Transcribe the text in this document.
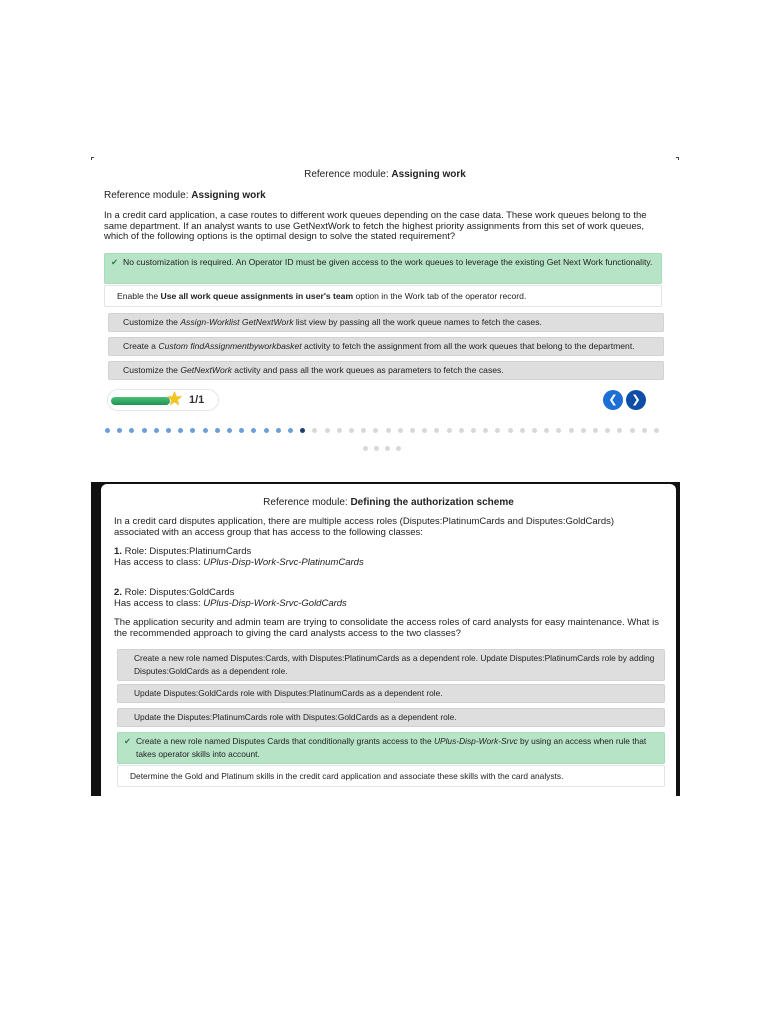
Reference module: Assigning work
Reference module: Assigning work
In a credit card application, a case routes to different work queues depending on the case data. These work queues belong to the same department. If an analyst wants to use GetNextWork to fetch the highest priority assignments from this set of work queues, which of the following options is the optimal design to solve the stated requirement?
✔ No customization is required. An Operator ID must be given access to the work queues to leverage the existing Get Next Work functionality.
Enable the Use all work queue assignments in user's team option in the Work tab of the operator record.
Customize the Assign-Worklist GetNextWork list view by passing all the work queue names to fetch the cases.
Create a Custom findAssignmentbyworkbasket activity to fetch the assignment from all the work queues that belong to the department.
Customize the GetNextWork activity and pass all the work queues as parameters to fetch the cases.
★ 1/1	❮	❯
Reference module: Defining the authorization scheme
In a credit card disputes application, there are multiple access roles (Disputes:PlatinumCards and Disputes:GoldCards) associated with an access group that has access to the following classes:
1. Role: Disputes:PlatinumCards
Has access to class: UPlus-Disp-Work-Srvc-PlatinumCards
2. Role: Disputes:GoldCards
Has access to class: UPlus-Disp-Work-Srvc-GoldCards
The application security and admin team are trying to consolidate the access roles of card analysts for easy maintenance. What is the recommended approach to giving the card analysts access to the two classes?
Create a new role named Disputes:Cards, with Disputes:PlatinumCards as a dependent role. Update Disputes:PlatinumCards role by adding Disputes:GoldCards as a dependent role.
Update Disputes:GoldCards role with Disputes:PlatinumCards as a dependent role.
Update the Disputes:PlatinumCards role with Disputes:GoldCards as a dependent role.
✔ Create a new role named Disputes Cards that conditionally grants access to the UPlus-Disp-Work-Srvc by using an access when rule that takes operator skills into account.
Determine the Gold and Platinum skills in the credit card application and associate these skills with the card analysts.
